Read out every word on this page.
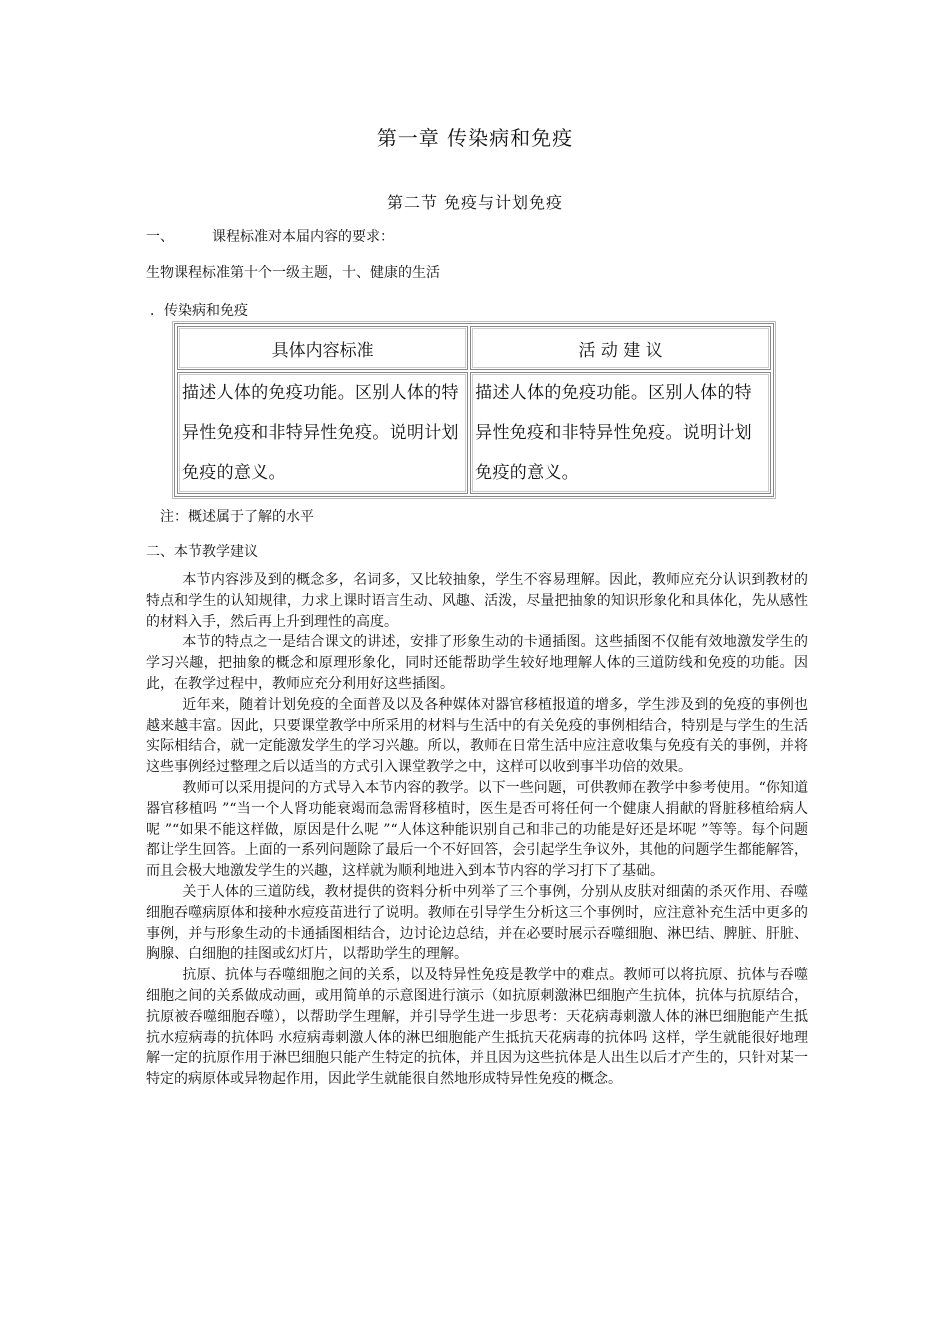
第一章 传染病和免疫
第二节 免疫与计划免疫
一、	课程标准对本届内容的要求：
生物课程标准第十个一级主题，十、健康的生活
．传染病和免疫
具体内容标准	活 动 建 议
描述人体的免疫功能。区别人体的特异性免疫和非特异性免疫。说明计划免疫的意义。	描述人体的免疫功能。区别人体的特异性免疫和非特异性免疫。说明计划免疫的意义。
注：概述属于了解的水平
二、本节教学建议

本节内容涉及到的概念多，名词多，又比较抽象，学生不容易理解。因此，教师应充分认识到教材的特点和学生的认知规律，力求上课时语言生动、风趣、活泼，尽量把抽象的知识形象化和具体化，先从感性的材料入手，然后再上升到理性的高度。

本节的特点之一是结合课文的讲述，安排了形象生动的卡通插图。这些插图不仅能有效地激发学生的学习兴趣，把抽象的概念和原理形象化，同时还能帮助学生较好地理解人体的三道防线和免疫的功能。因此，在教学过程中，教师应充分利用好这些插图。

近年来，随着计划免疫的全面普及以及各种媒体对器官移植报道的增多，学生涉及到的免疫的事例也越来越丰富。因此，只要课堂教学中所采用的材料与生活中的有关免疫的事例相结合，特别是与学生的生活实际相结合，就一定能激发学生的学习兴趣。所以，教师在日常生活中应注意收集与免疫有关的事例，并将这些事例经过整理之后以适当的方式引入课堂教学之中，这样可以收到事半功倍的效果。

教师可以采用提问的方式导入本节内容的教学。以下一些问题，可供教师在教学中参考使用。“你知道器官移植吗 ”“当一个人肾功能衰竭而急需肾移植时，医生是否可将任何一个健康人捐献的肾脏移植给病人呢 ”“如果不能这样做，原因是什么呢 ”“人体这种能识别自己和非己的功能是好还是坏呢 ”等等。每个问题都让学生回答。上面的一系列问题除了最后一个不好回答，会引起学生争议外，其他的问题学生都能解答，而且会极大地激发学生的兴趣，这样就为顺利地进入到本节内容的学习打下了基础。

关于人体的三道防线，教材提供的资料分析中列举了三个事例，分别从皮肤对细菌的杀灭作用、吞噬细胞吞噬病原体和接种水痘疫苗进行了说明。教师在引导学生分析这三个事例时，应注意补充生活中更多的事例，并与形象生动的卡通插图相结合，边讨论边总结，并在必要时展示吞噬细胞、淋巴结、脾脏、肝脏、胸腺、白细胞的挂图或幻灯片，以帮助学生的理解。

抗原、抗体与吞噬细胞之间的关系，以及特异性免疫是教学中的难点。教师可以将抗原、抗体与吞噬细胞之间的关系做成动画，或用简单的示意图进行演示（如抗原刺激淋巴细胞产生抗体，抗体与抗原结合，抗原被吞噬细胞吞噬），以帮助学生理解，并引导学生进一步思考：天花病毒刺激人体的淋巴细胞能产生抵抗水痘病毒的抗体吗 水痘病毒刺激人体的淋巴细胞能产生抵抗天花病毒的抗体吗 这样，学生就能很好地理解一定的抗原作用于淋巴细胞只能产生特定的抗体，并且因为这些抗体是人出生以后才产生的，只针对某一特定的病原体或异物起作用，因此学生就能很自然地形成特异性免疫的概念。
